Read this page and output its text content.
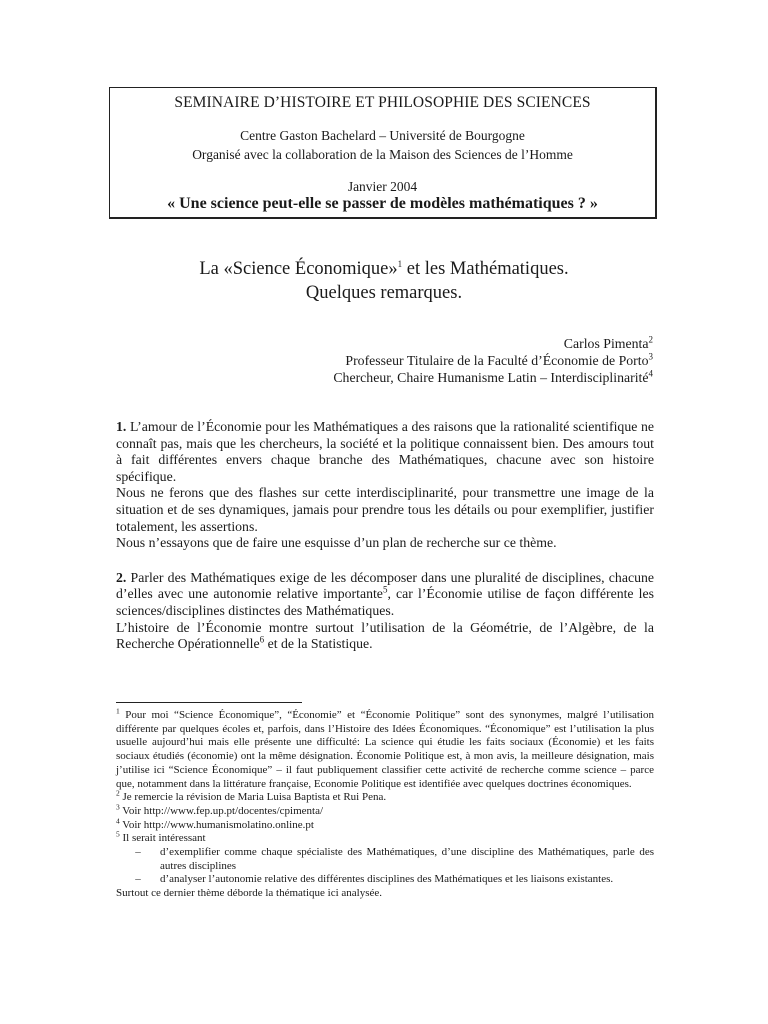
SEMINAIRE D’HISTOIRE ET PHILOSOPHIE DES SCIENCES
Centre Gaston Bachelard – Université de Bourgogne
Organisé avec la collaboration de la Maison des Sciences de l’Homme
Janvier 2004
« Une science peut-elle se passer de modèles mathématiques ? »
La «Science Économique»$^1$ et les Mathématiques.
Quelques remarques.
Carlos Pimenta$^2$
Professeur Titulaire de la Faculté d’Économie de Porto$^3$
Chercheur, Chaire Humanisme Latin – Interdisciplinarité$^4$

1. L’amour de l’Économie pour les Mathématiques a des raisons que la rationalité scientifique ne connaît pas, mais que les chercheurs, la société et la politique connaissent bien. Des amours tout à fait différentes envers chaque branche des Mathématiques, chacune avec son histoire spécifique.

Nous ne ferons que des flashes sur cette interdisciplinarité, pour transmettre une image de la situation et de ses dynamiques, jamais pour prendre tous les détails ou pour exemplifier, justifier totalement, les assertions.

Nous n’essayons que de faire une esquisse d’un plan de recherche sur ce thème.

2. Parler des Mathématiques exige de les décomposer dans une pluralité de disciplines, chacune d’elles avec une autonomie relative importante$^5$, car l’Économie utilise de façon différente les sciences/disciplines distinctes des Mathématiques.

L’histoire de l’Économie montre surtout l’utilisation de la Géométrie, de l’Algèbre, de la Recherche Opérationnelle$^6$ et de la Statistique.

$^1$ Pour moi “Science Économique”, “Économie” et “Économie Politique” sont des synonymes, malgré l’utilisation différente par quelques écoles et, parfois, dans l’Histoire des Idées Économiques. “Économique” est l’utilisation la plus usuelle aujourd’hui mais elle présente une difficulté: La science qui étudie les faits sociaux (Économie) et les faits sociaux étudiés (économie) ont la même désignation. Économie Politique est, à mon avis, la meilleure désignation, mais j’utilise ici “Science Économique” – il faut publiquement classifier cette activité de recherche comme science – parce que, notamment dans la littérature française, Economie Politique est identifiée avec quelques doctrines économiques.

$^2$ Je remercie la révision de Maria Luisa Baptista et Rui Pena.

$^3$ Voir http://www.fep.up.pt/docentes/cpimenta/

$^4$ Voir http://www.humanismolatino.online.pt

$^5$ Il serait intéressant

–	d’exemplifier comme chaque spécialiste des Mathématiques, d’une discipline des Mathématiques, parle des autres disciplines
–	d’analyser l’autonomie relative des différentes disciplines des Mathématiques et les liaisons existantes.

Surtout ce dernier thème déborde la thématique ici analysée.
